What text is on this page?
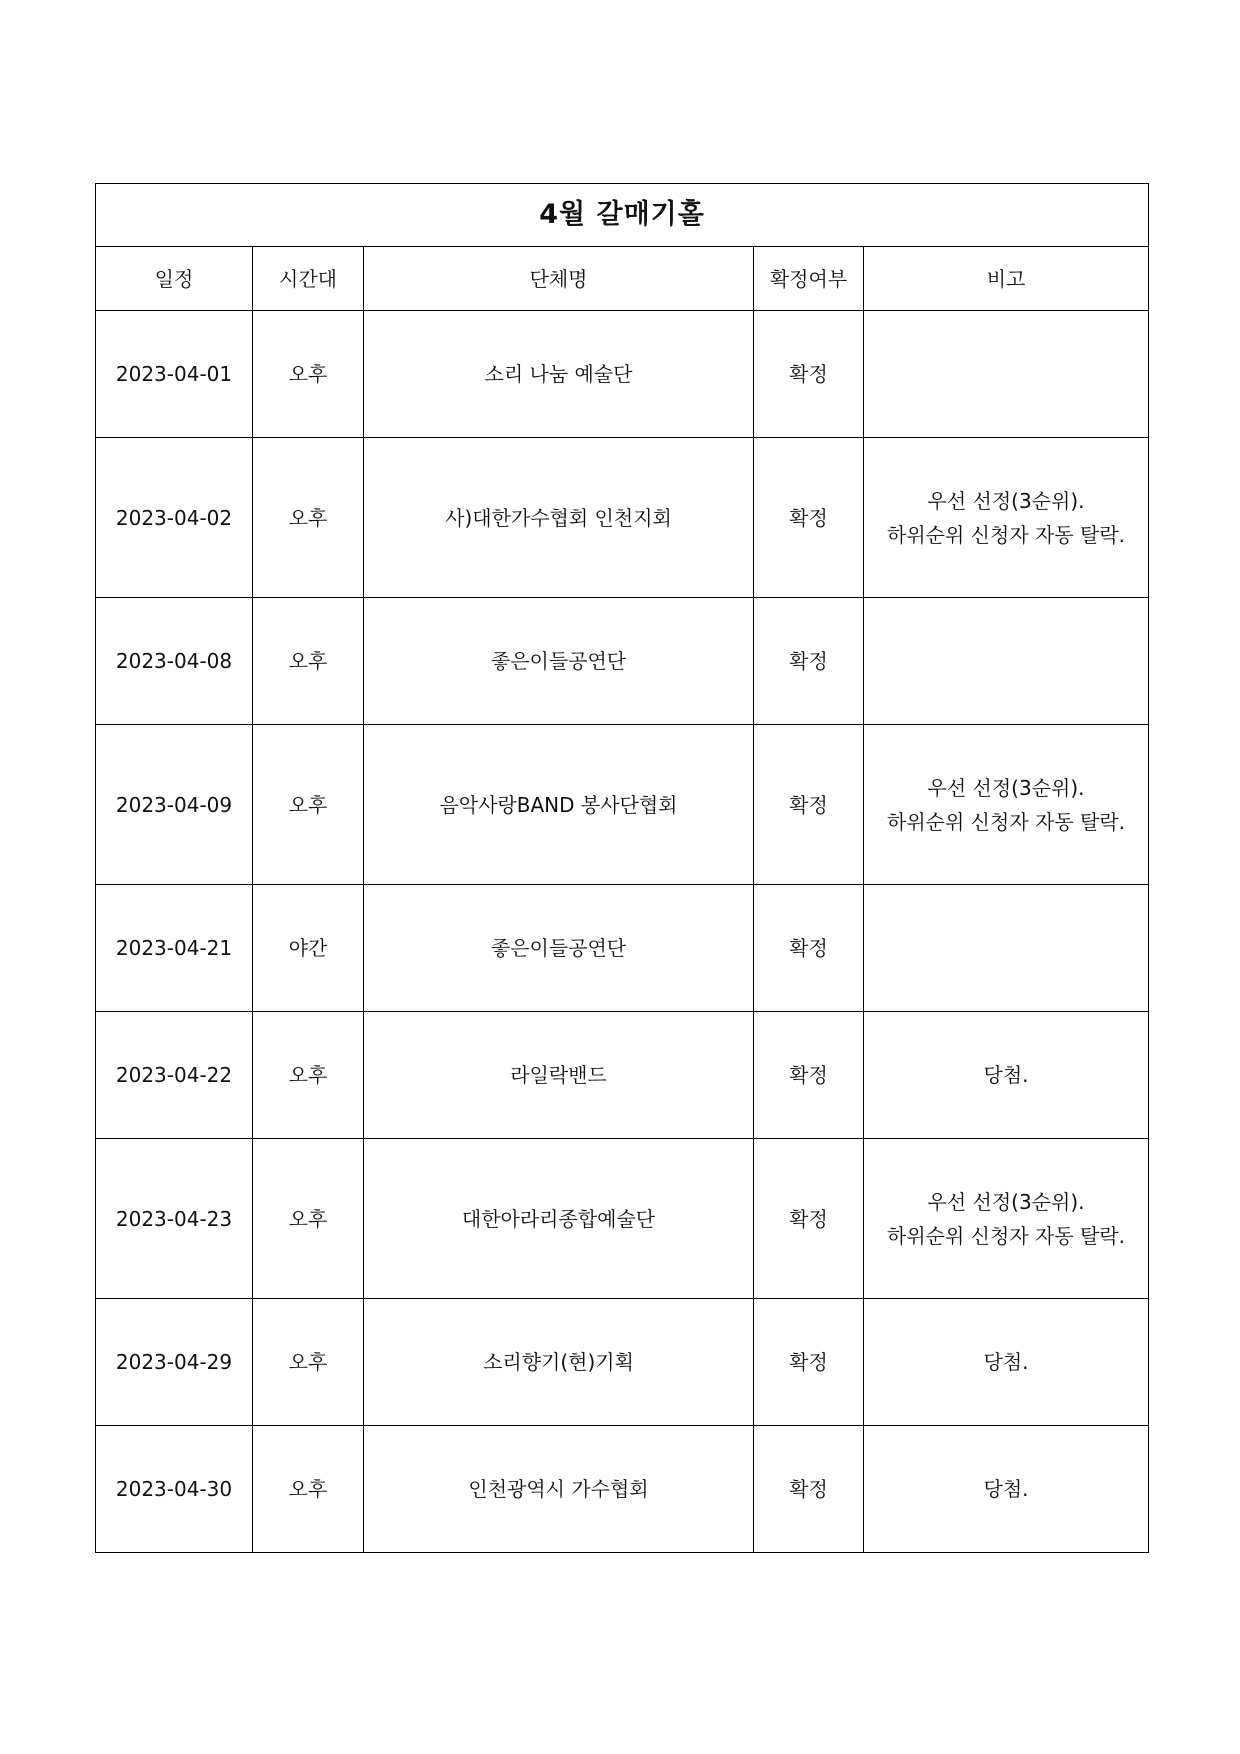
4월 갈매기홀				
일정	시간대	단체명	확정여부	비고
2023-04-01	오후	소리 나눔 예술단	확정	

2023-04-02	오후	사)대한가수협회 인천지회	확정	우선 선정(3순위).
하위순위 신청자 자동 탈락.

2023-04-08	오후	좋은이들공연단	확정	

2023-04-09	오후	음악사랑BAND 봉사단협회	확정	우선 선정(3순위).
하위순위 신청자 자동 탈락.

2023-04-21	야간	좋은이들공연단	확정	

2023-04-22	오후	라일락밴드	확정	당첨.

2023-04-23	오후	대한아라리종합예술단	확정	우선 선정(3순위).
하위순위 신청자 자동 탈락.

2023-04-29	오후	소리향기(현)기획	확정	당첨.

2023-04-30	오후	인천광역시 가수협회	확정	당첨.
